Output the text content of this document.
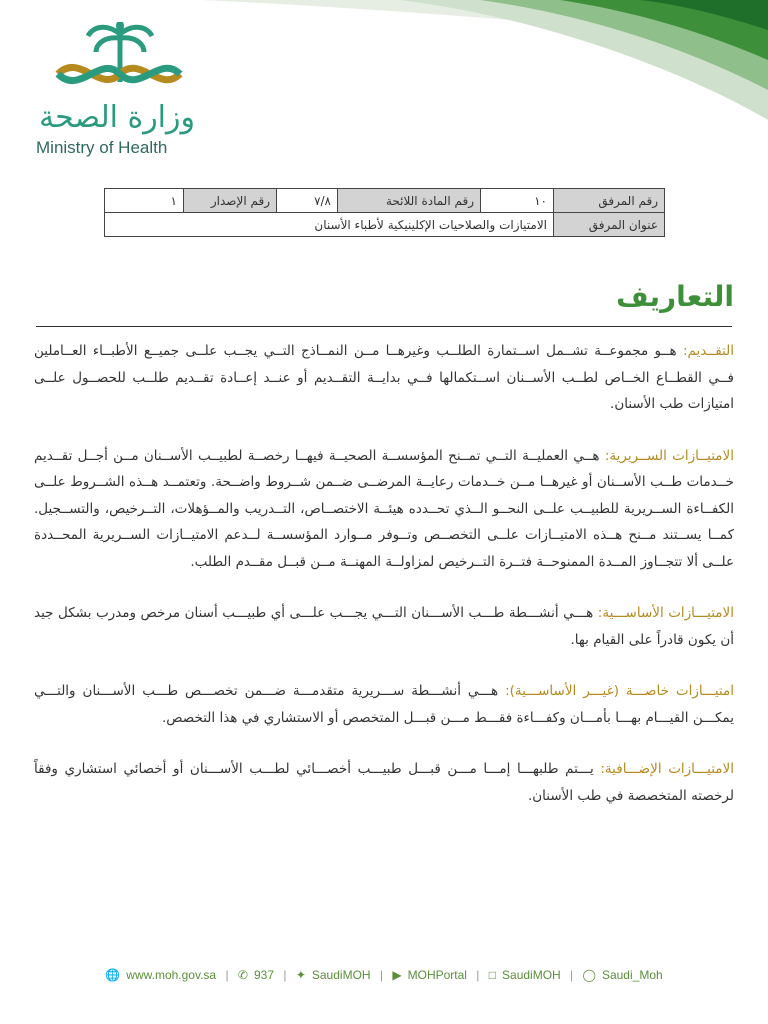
وزارة الصحة
Ministry of Health
رقم المرفق	١٠	رقم المادة اللائحة	٧/٨	رقم الإصدار	١
عنوان المرفق	الامتيازات والصلاحيات الإكلينيكية لأطباء الأسنان				
التعاريف

التقــديم: هــو مجموعــة تشــمل اســتمارة الطلــب وغيرهــا مــن النمــاذج التــي يجــب علــى جميــع الأطبــاء العــاملين فــي القطــاع الخــاص لطــب الأســنان اســتكمالها فــي بدايــة التقــديم أو عنــد إعــادة تقــديم طلــب للحصــول علــى امتيازات طب الأسنان.

الامتيــازات الســريرية: هــي العمليــة التــي تمــنح المؤسســة الصحيــة فيهــا رخصــة لطبيــب الأســنان مــن أجــل تقــديم خــدمات طــب الأســنان أو غيرهــا مــن خــدمات رعايــة المرضــى ضــمن شــروط واضــحة. وتعتمــد هــذه الشــروط علــى الكفــاءة الســريرية للطبيــب علــى النحــو الــذي تحــدده هيئــة الاختصــاص، التــدريب والمــؤهلات، التــرخيص، والتســجيل. كمــا يســتند مــنح هــذه الامتيــازات علــى التخصــص وتــوفر مــوارد المؤسســة لــدعم الامتيــازات الســريرية المحــددة علــى ألا تتجــاوز المــدة الممنوحــة فتــرة التــرخيص لمزاولــة المهنــة مــن قبــل مقــدم الطلب.

الامتيـــازات الأساســـية: هـــي أنشـــطة طـــب الأســـنان التـــي يجـــب علـــى أي طبيـــب أسنان مرخص ومدرب بشكل جيد أن يكون قادراً على القيام بها.

امتيـــازات خاصـــة (غيـــر الأساســـية): هـــي أنشـــطة ســـريرية متقدمـــة ضـــمن تخصـــص طـــب الأســـنان والتـــي يمكـــن القيـــام بهـــا بأمـــان وكفـــاءة فقـــط مـــن قبـــل المتخصص أو الاستشاري في هذا التخصص.

الامتيـــازات الإضـــافية: يـــتم طلبهـــا إمـــا مـــن قبـــل طبيـــب أخصـــائي لطـــب الأســـنان أو أخصائي استشاري وفقاً لرخصته المتخصصة في طب الأسنان.

🌐 www.moh.gov.sa | ✆ 937 | ✦ SaudiMOH | ▶ MOHPortal | □ SaudiMOH | ◯ Saudi_Moh
